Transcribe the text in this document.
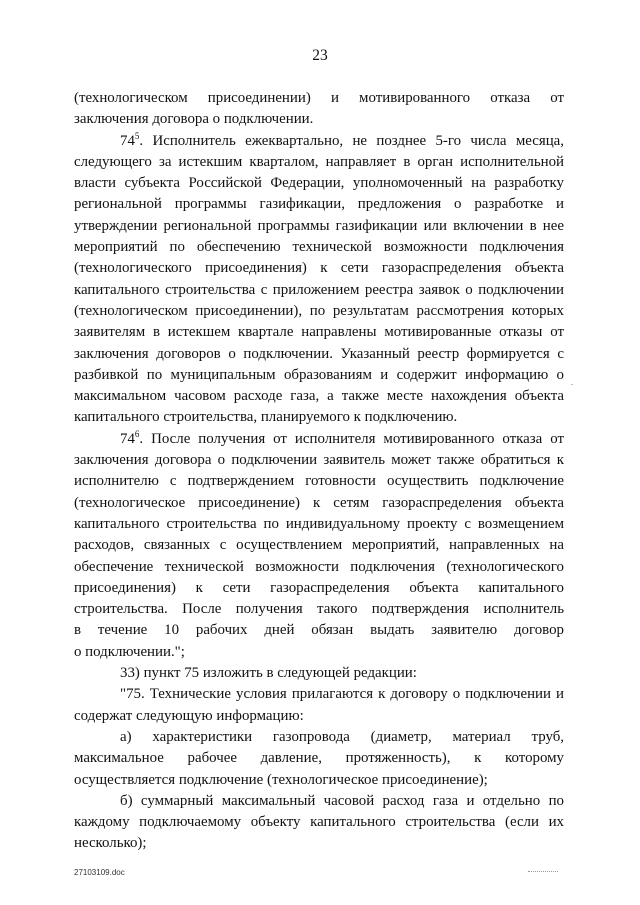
23

(технологическом присоединении) и мотивированного отказа от
заключения договора о подключении.

$74^5$. Исполнитель ежеквартально, не позднее 5-го числа месяца,
следующего за истекшим кварталом, направляет в орган исполнительной
власти субъекта Российской Федерации, уполномоченный на разработку
региональной программы газификации, предложения о разработке и
утверждении региональной программы газификации или включении в нее
мероприятий по обеспечению технической возможности подключения
(технологического присоединения) к сети газораспределения объекта
капитального строительства с приложением реестра заявок о подключении
(технологическом присоединении), по результатам рассмотрения которых
заявителям в истекшем квартале направлены мотивированные отказы от
заключения договоров о подключении. Указанный реестр формируется с
разбивкой по муниципальным образованиям и содержит информацию о
максимальном часовом расходе газа, а также месте нахождения объекта
капитального строительства, планируемого к подключению.

$74^6$. После получения от исполнителя мотивированного отказа от
заключения договора о подключении заявитель может также обратиться к
исполнителю с подтверждением готовности осуществить подключение
(технологическое присоединение) к сетям газораспределения объекта
капитального строительства по индивидуальному проекту с возмещением
расходов, связанных с осуществлением мероприятий, направленных на
обеспечение технической возможности подключения (технологического
присоединения) к сети газораспределения объекта капитального
строительства. После получения такого подтверждения исполнитель
в течение 10 рабочих дней обязан выдать заявителю договор
о подключении.";

33) пункт 75 изложить в следующей редакции:

"75. Технические условия прилагаются к договору о подключении и
содержат следующую информацию:

а) характеристики газопровода (диаметр, материал труб,
максимальное рабочее давление, протяженность), к которому
осуществляется подключение (технологическое присоединение);

б) суммарный максимальный часовой расход газа и отдельно по
каждому подключаемому объекту капитального строительства (если их
несколько);

27103109.doc
